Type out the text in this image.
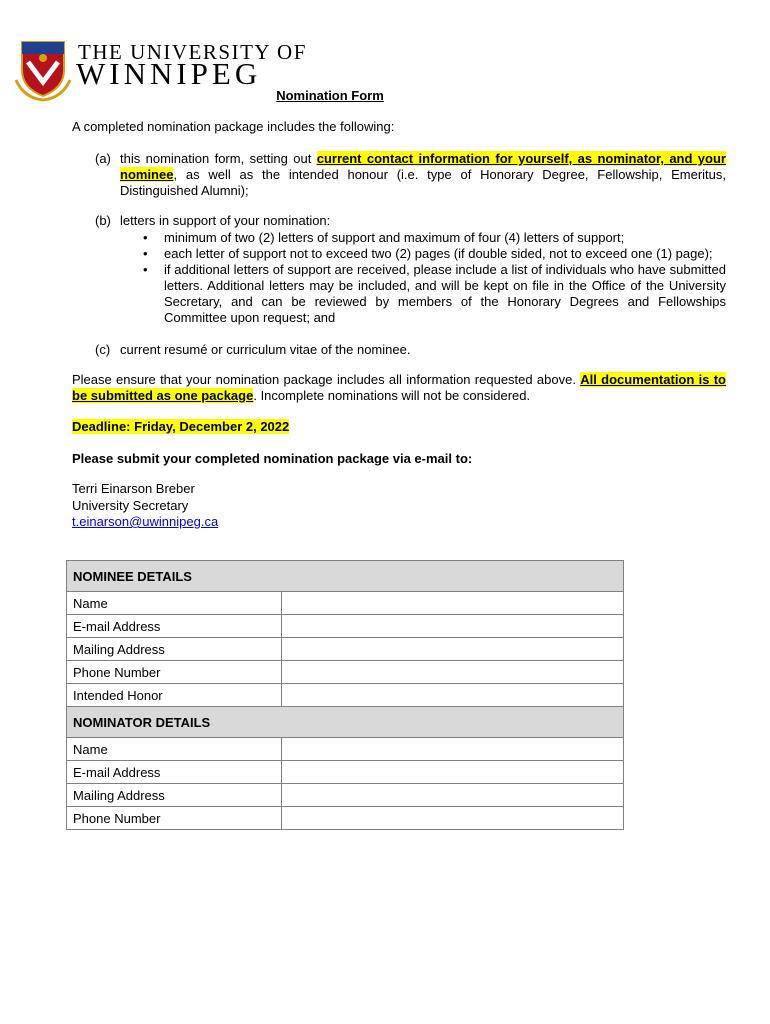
THE UNIVERSITY OF
WINNIPEG
Nomination Form
A completed nomination package includes the following:
(a) this nomination form, setting out current contact information for yourself, as nominator, and your nominee, as well as the intended honour (i.e. type of Honorary Degree, Fellowship, Emeritus, Distinguished Alumni);
(b) letters in support of your nomination:
• minimum of two (2) letters of support and maximum of four (4) letters of support;
• each letter of support not to exceed two (2) pages (if double sided, not to exceed one (1) page);
• if additional letters of support are received, please include a list of individuals who have submitted letters. Additional letters may be included, and will be kept on file in the Office of the University Secretary, and can be reviewed by members of the Honorary Degrees and Fellowships Committee upon request; and
(c) current resumé or curriculum vitae of the nominee.
Please ensure that your nomination package includes all information requested above. All documentation is to be submitted as one package. Incomplete nominations will not be considered.
Deadline: Friday, December 2, 2022
Please submit your completed nomination package via e-mail to:
Terri Einarson Breber
University Secretary
t.einarson@uwinnipeg.ca
NOMINEE DETAILS	
Name	
E-mail Address	
Mailing Address	
Phone Number	
Intended Honor	
NOMINATOR DETAILS	
Name	
E-mail Address	
Mailing Address	
Phone Number	
